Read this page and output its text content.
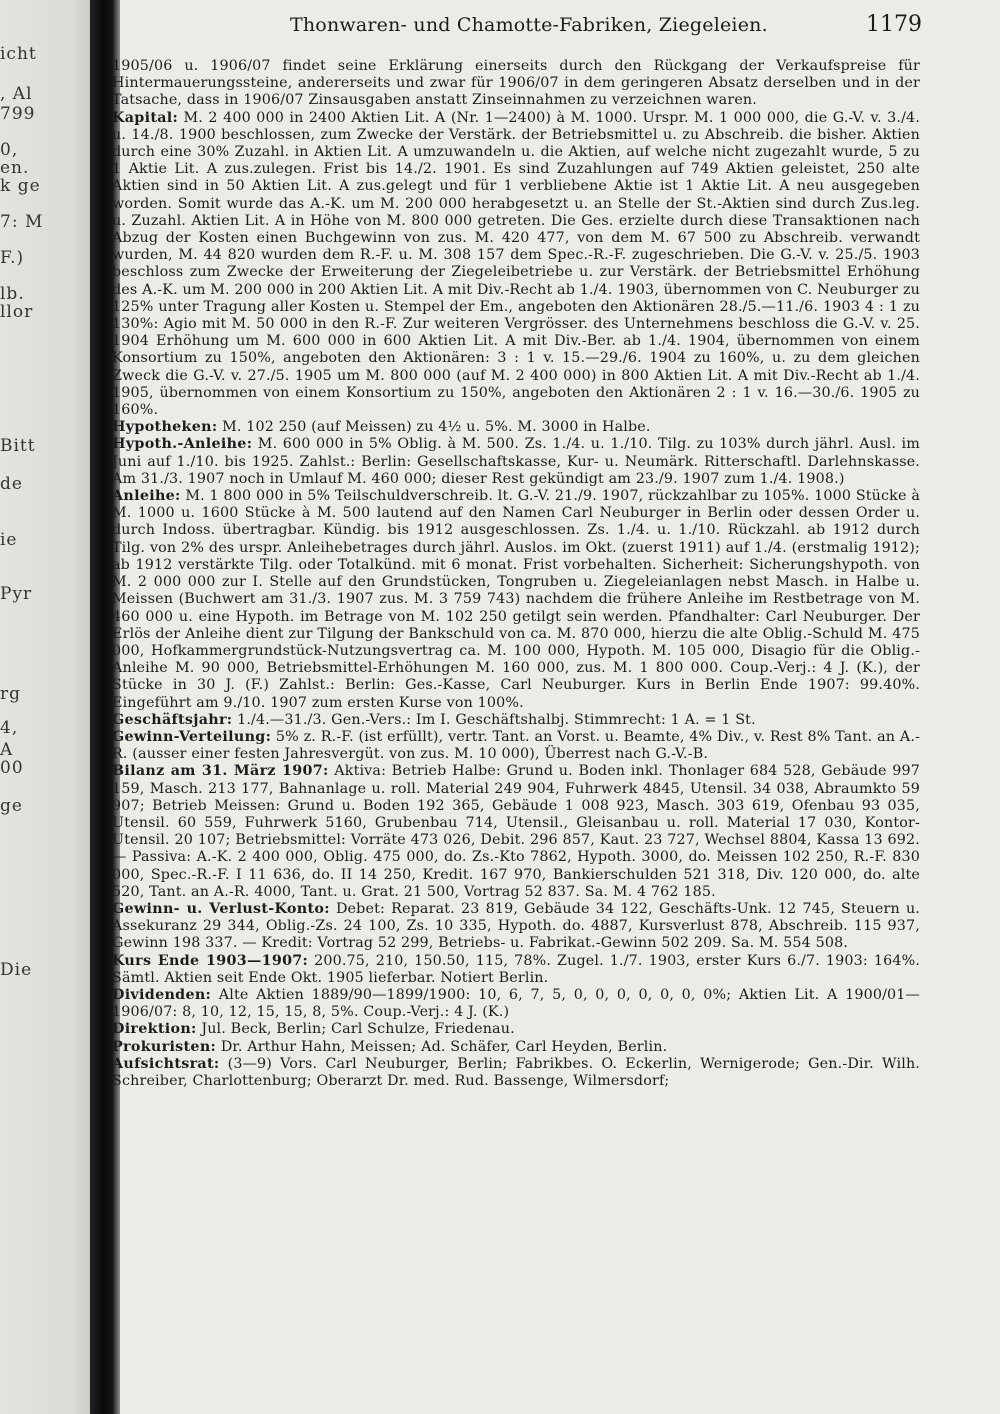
icht
, Al
799
0,
en.
k ge
7: M
F.)
lb.
llor
Bitt
de
ie
Pyr
rg
4,
A
00
ge
Die
Thonwaren- und Chamotte-Fabriken, Ziegeleien.	1179

1905/06 u. 1906/07 findet seine Erklärung einerseits durch den Rückgang der Verkaufspreise für Hintermauerungssteine, andererseits und zwar für 1906/07 in dem geringeren Absatz derselben und in der Tatsache, dass in 1906/07 Zinsausgaben anstatt Zinseinnahmen zu verzeichnen waren.

Kapital: M. 2 400 000 in 2400 Aktien Lit. A (Nr. 1—2400) à M. 1000. Urspr. M. 1 000 000, die G.-V. v. 3./4. u. 14./8. 1900 beschlossen, zum Zwecke der Verstärk. der Betriebsmittel u. zu Abschreib. die bisher. Aktien durch eine 30% Zuzahl. in Aktien Lit. A umzuwandeln u. die Aktien, auf welche nicht zugezahlt wurde, 5 zu 1 Aktie Lit. A zus.zulegen. Frist bis 14./2. 1901. Es sind Zuzahlungen auf 749 Aktien geleistet, 250 alte Aktien sind in 50 Aktien Lit. A zus.gelegt und für 1 verbliebene Aktie ist 1 Aktie Lit. A neu ausgegeben worden. Somit wurde das A.-K. um M. 200 000 herabgesetzt u. an Stelle der St.-Aktien sind durch Zus.leg. u. Zuzahl. Aktien Lit. A in Höhe von M. 800 000 getreten. Die Ges. erzielte durch diese Transaktionen nach Abzug der Kosten einen Buchgewinn von zus. M. 420 477, von dem M. 67 500 zu Abschreib. verwandt wurden, M. 44 820 wurden dem R.-F. u. M. 308 157 dem Spec.-R.-F. zugeschrieben. Die G.-V. v. 25./5. 1903 beschloss zum Zwecke der Erweiterung der Ziegeleibetriebe u. zur Verstärk. der Betriebsmittel Erhöhung des A.-K. um M. 200 000 in 200 Aktien Lit. A mit Div.-Recht ab 1./4. 1903, übernommen von C. Neuburger zu 125% unter Tragung aller Kosten u. Stempel der Em., angeboten den Aktionären 28./5.—11./6. 1903 4 : 1 zu 130%: Agio mit M. 50 000 in den R.-F. Zur weiteren Vergrösser. des Unternehmens beschloss die G.-V. v. 25. 1904 Erhöhung um M. 600 000 in 600 Aktien Lit. A mit Div.-Ber. ab 1./4. 1904, übernommen von einem Konsortium zu 150%, angeboten den Aktionären: 3 : 1 v. 15.—29./6. 1904 zu 160%, u. zu dem gleichen Zweck die G.-V. v. 27./5. 1905 um M. 800 000 (auf M. 2 400 000) in 800 Aktien Lit. A mit Div.-Recht ab 1./4. 1905, übernommen von einem Konsortium zu 150%, angeboten den Aktionären 2 : 1 v. 16.—30./6. 1905 zu 160%.

Hypotheken: M. 102 250 (auf Meissen) zu 4½ u. 5%. M. 3000 in Halbe.

Hypoth.-Anleihe: M. 600 000 in 5% Oblig. à M. 500. Zs. 1./4. u. 1./10. Tilg. zu 103% durch jährl. Ausl. im Juni auf 1./10. bis 1925. Zahlst.: Berlin: Gesellschaftskasse, Kur- u. Neumärk. Ritterschaftl. Darlehnskasse. Am 31./3. 1907 noch in Umlauf M. 460 000; dieser Rest gekündigt am 23./9. 1907 zum 1./4. 1908.)

Anleihe: M. 1 800 000 in 5% Teilschuldverschreib. lt. G.-V. 21./9. 1907, rückzahlbar zu 105%. 1000 Stücke à M. 1000 u. 1600 Stücke à M. 500 lautend auf den Namen Carl Neuburger in Berlin oder dessen Order u. durch Indoss. übertragbar. Kündig. bis 1912 ausgeschlossen. Zs. 1./4. u. 1./10. Rückzahl. ab 1912 durch Tilg. von 2% des urspr. Anleihebetrages durch jährl. Auslos. im Okt. (zuerst 1911) auf 1./4. (erstmalig 1912); ab 1912 verstärkte Tilg. oder Totalkünd. mit 6 monat. Frist vorbehalten. Sicherheit: Sicherungshypoth. von M. 2 000 000 zur I. Stelle auf den Grundstücken, Tongruben u. Ziegeleianlagen nebst Masch. in Halbe u. Meissen (Buchwert am 31./3. 1907 zus. M. 3 759 743) nachdem die frühere Anleihe im Restbetrage von M. 460 000 u. eine Hypoth. im Betrage von M. 102 250 getilgt sein werden. Pfandhalter: Carl Neuburger. Der Erlös der Anleihe dient zur Tilgung der Bankschuld von ca. M. 870 000, hierzu die alte Oblig.-Schuld M. 475 000, Hofkammergrundstück-Nutzungsvertrag ca. M. 100 000, Hypoth. M. 105 000, Disagio für die Oblig.-Anleihe M. 90 000, Betriebsmittel-Erhöhungen M. 160 000, zus. M. 1 800 000. Coup.-Verj.: 4 J. (K.), der Stücke in 30 J. (F.) Zahlst.: Berlin: Ges.-Kasse, Carl Neuburger. Kurs in Berlin Ende 1907: 99.40%. Eingeführt am 9./10. 1907 zum ersten Kurse von 100%.

Geschäftsjahr: 1./4.—31./3. Gen.-Vers.: Im I. Geschäftshalbj. Stimmrecht: 1 A. = 1 St.

Gewinn-Verteilung: 5% z. R.-F. (ist erfüllt), vertr. Tant. an Vorst. u. Beamte, 4% Div., v. Rest 8% Tant. an A.-R. (ausser einer festen Jahresvergüt. von zus. M. 10 000), Überrest nach G.-V.-B.

Bilanz am 31. März 1907: Aktiva: Betrieb Halbe: Grund u. Boden inkl. Thonlager 684 528, Gebäude 997 159, Masch. 213 177, Bahnanlage u. roll. Material 249 904, Fuhrwerk 4845, Utensil. 34 038, Abraumkto 59 907; Betrieb Meissen: Grund u. Boden 192 365, Gebäude 1 008 923, Masch. 303 619, Ofenbau 93 035, Utensil. 60 559, Fuhrwerk 5160, Grubenbau 714, Utensil., Gleisanbau u. roll. Material 17 030, Kontor-Utensil. 20 107; Betriebsmittel: Vorräte 473 026, Debit. 296 857, Kaut. 23 727, Wechsel 8804, Kassa 13 692. — Passiva: A.-K. 2 400 000, Oblig. 475 000, do. Zs.-Kto 7862, Hypoth. 3000, do. Meissen 102 250, R.-F. 830 000, Spec.-R.-F. I 11 636, do. II 14 250, Kredit. 167 970, Bankierschulden 521 318, Div. 120 000, do. alte 520, Tant. an A.-R. 4000, Tant. u. Grat. 21 500, Vortrag 52 837. Sa. M. 4 762 185.

Gewinn- u. Verlust-Konto: Debet: Reparat. 23 819, Gebäude 34 122, Geschäfts-Unk. 12 745, Steuern u. Assekuranz 29 344, Oblig.-Zs. 24 100, Zs. 10 335, Hypoth. do. 4887, Kursverlust 878, Abschreib. 115 937, Gewinn 198 337. — Kredit: Vortrag 52 299, Betriebs- u. Fabrikat.-Gewinn 502 209. Sa. M. 554 508.

Kurs Ende 1903—1907: 200.75, 210, 150.50, 115, 78%. Zugel. 1./7. 1903, erster Kurs 6./7. 1903: 164%. Sämtl. Aktien seit Ende Okt. 1905 lieferbar. Notiert Berlin.

Dividenden: Alte Aktien 1889/90—1899/1900: 10, 6, 7, 5, 0, 0, 0, 0, 0, 0, 0%; Aktien Lit. A 1900/01—1906/07: 8, 10, 12, 15, 15, 8, 5%. Coup.-Verj.: 4 J. (K.)

Direktion: Jul. Beck, Berlin; Carl Schulze, Friedenau.

Prokuristen: Dr. Arthur Hahn, Meissen; Ad. Schäfer, Carl Heyden, Berlin.

Aufsichtsrat: (3—9) Vors. Carl Neuburger, Berlin; Fabrikbes. O. Eckerlin, Wernigerode; Gen.-Dir. Wilh. Schreiber, Charlottenburg; Oberarzt Dr. med. Rud. Bassenge, Wilmersdorf;
